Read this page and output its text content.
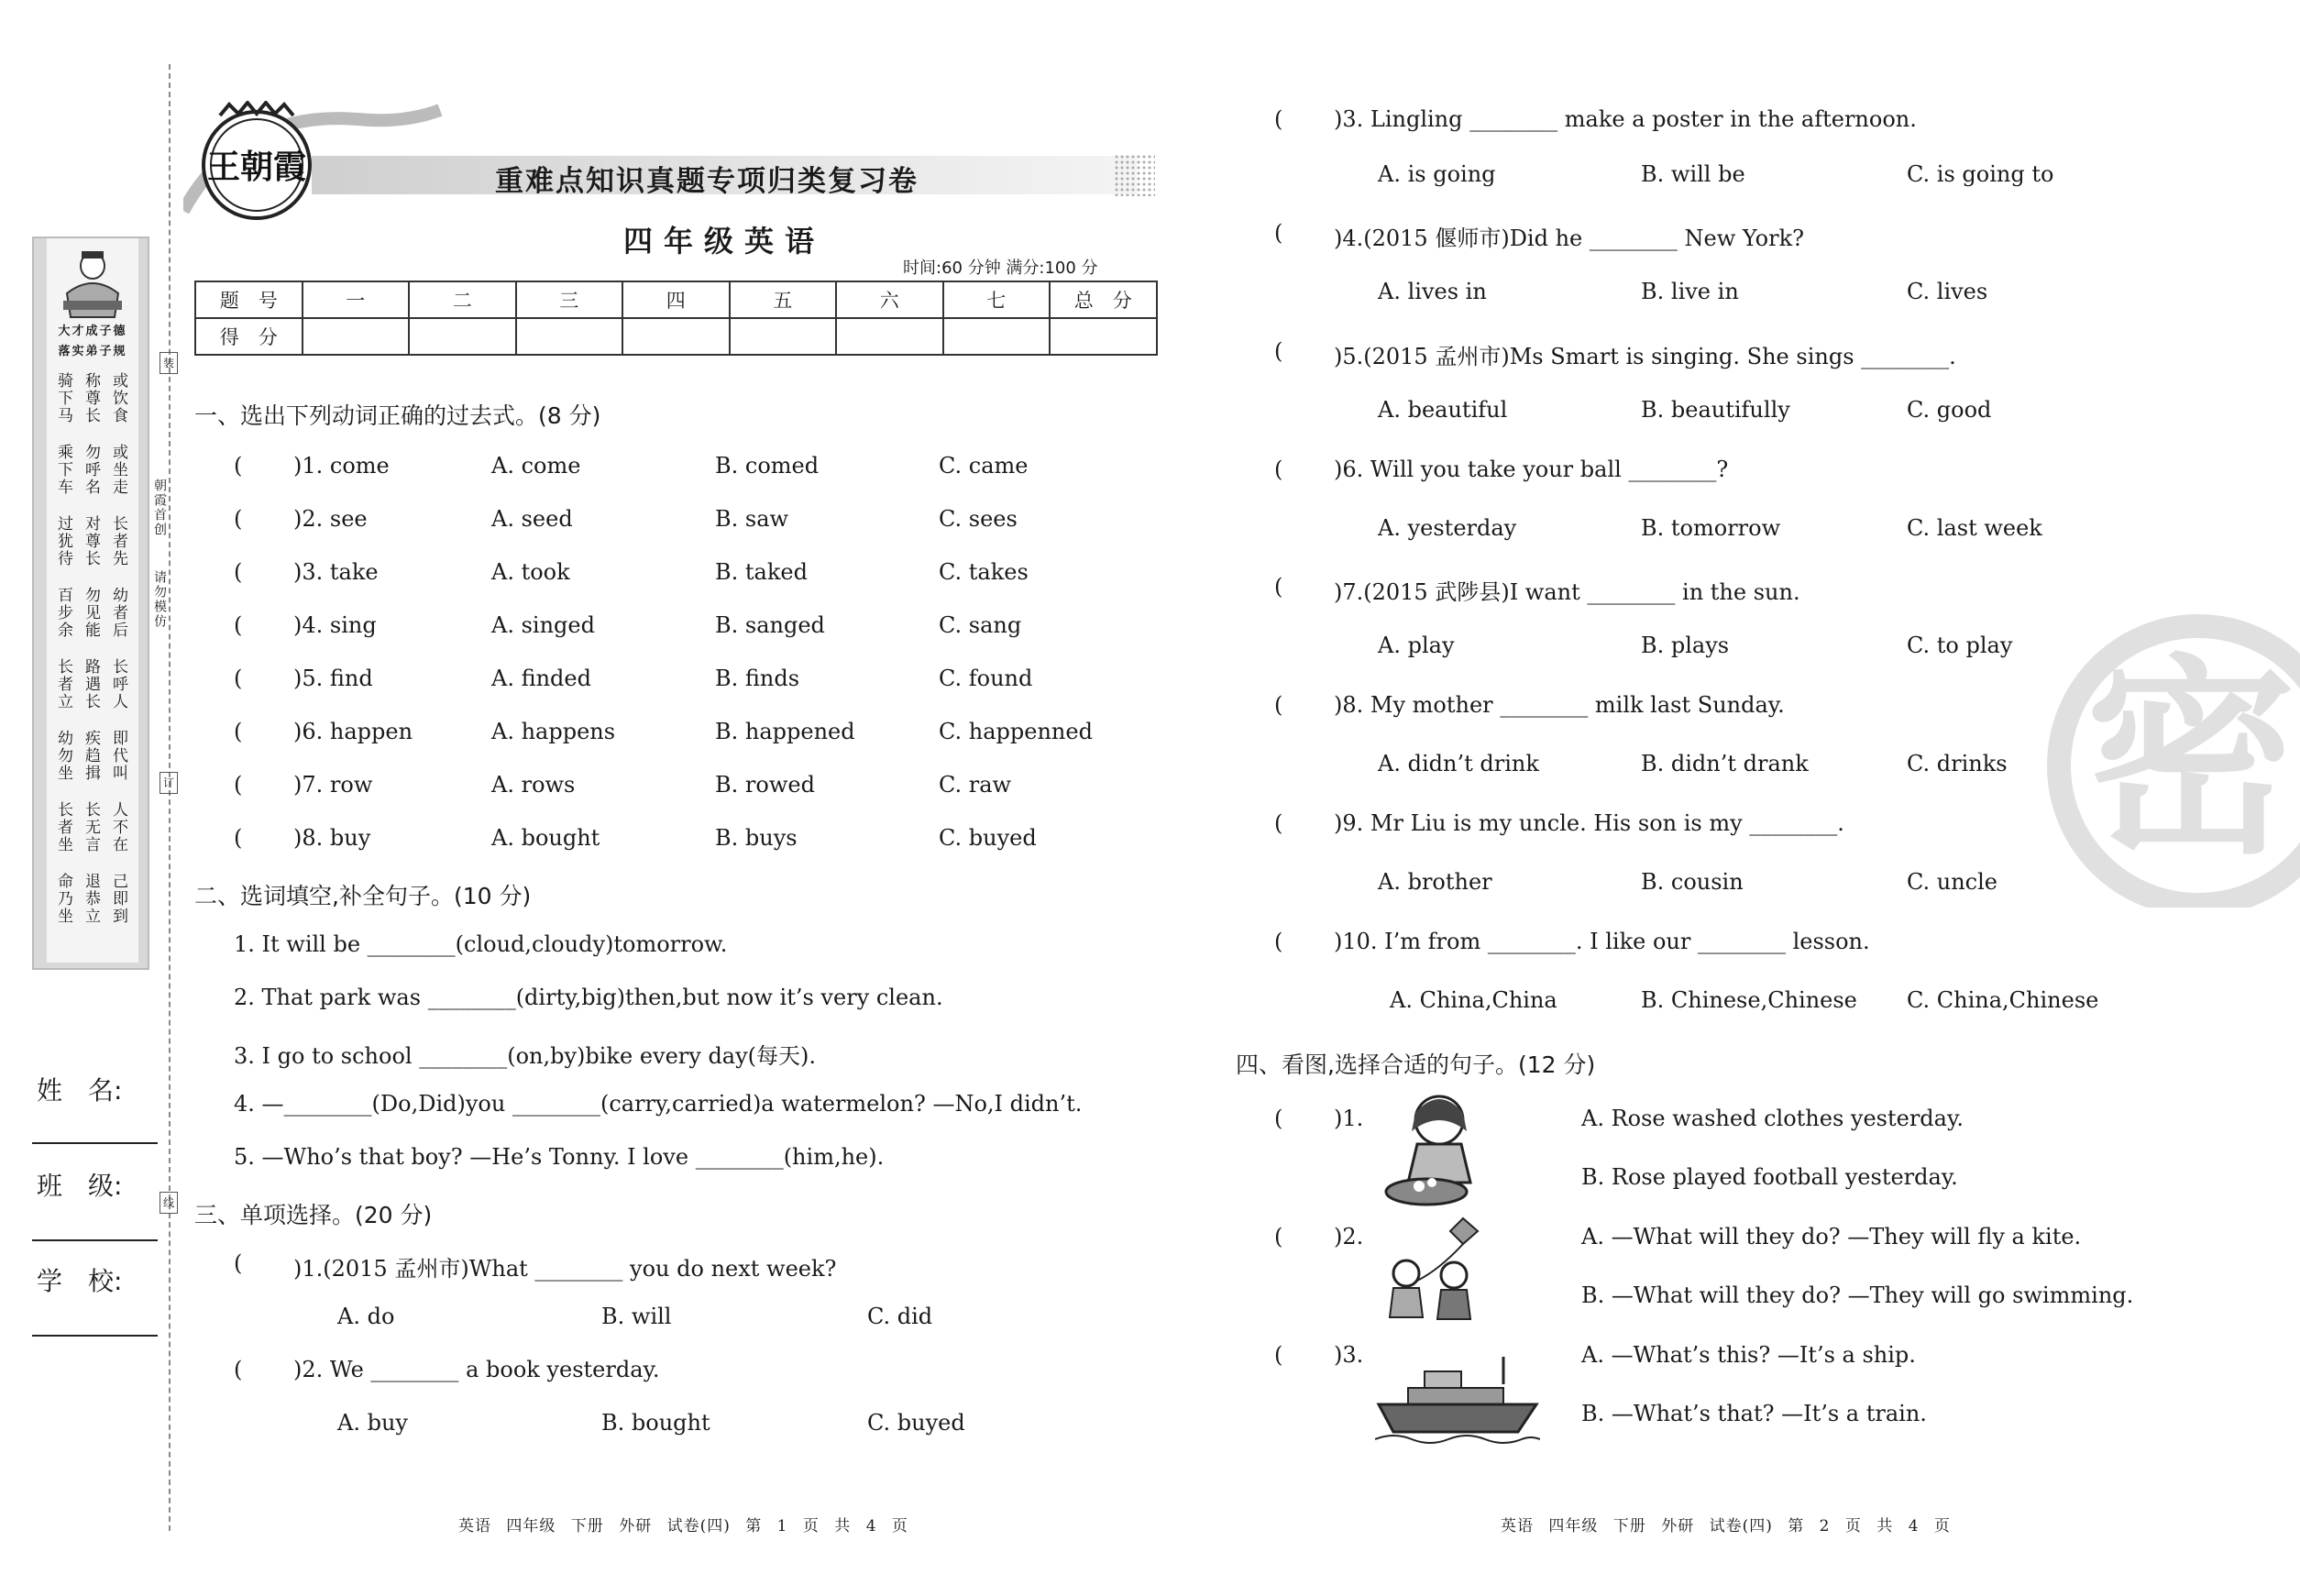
大才成子德
落实弟子规
骑下马 称尊长 或饮食
乘下车 勿呼名 或坐走
过犹待 对尊长 长者先
百步余 勿见能 幼者后
长者立 路遇长 长呼人
幼勿坐 疾趋揖 即代叫
长者坐 长无言 人不在
命乃坐 退恭立 己即到
装
订
线
朝霞首创
请勿模仿
姓　名:
班　级:
学　校:
王朝霞	重难点知识真题专项归类复习卷
四年级英语
时间:60 分钟 满分:100 分
题　号	一	二	三	四	五	六	七	总　分
得　分								
一、选出下列动词正确的过去式。(8 分)
( )1. come	A. come	B. comed	C. came
( )2. see	A. seed	B. saw	C. sees
( )3. take	A. took	B. taked	C. takes
( )4. sing	A. singed	B. sanged	C. sang
( )5. find	A. finded	B. finds	C. found
( )6. happen	A. happens	B. happened	C. happenned
( )7. row	A. rows	B. rowed	C. raw
( )8. buy	A. bought	B. buys	C. buyed
二、选词填空,补全句子。(10 分)
1. It will be ________(cloud,cloudy)tomorrow.
2. That park was ________(dirty,big)then,but now it’s very clean.
3. I go to school ________(on,by)bike every day(每天).
4. —________(Do,Did)you ________(carry,carried)a watermelon? —No,I didn’t.
5. —Who’s that boy? —He’s Tonny. I love ________(him,he).
三、单项选择。(20 分)
( )1.(2015 孟州市)What ________ you do next week?
A. do	B. will	C. did
( )2. We ________ a book yesterday.
A. buy	B. bought	C. buyed
英语 四年级 下册 外研 试卷(四) 第 1 页 共 4 页
密
( )3. Lingling ________ make a poster in the afternoon.
A. is going	B. will be	C. is going to
( )4.(2015 偃师市)Did he ________ New York?
A. lives in	B. live in	C. lives
( )5.(2015 孟州市)Ms Smart is singing. She sings ________.
A. beautiful	B. beautifully	C. good
( )6. Will you take your ball ________?
A. yesterday	B. tomorrow	C. last week
( )7.(2015 武陟县)I want ________ in the sun.
A. play	B. plays	C. to play
( )8. My mother ________ milk last Sunday.
A. didn’t drink	B. didn’t drank	C. drinks
( )9. Mr Liu is my uncle. His son is my ________.
A. brother	B. cousin	C. uncle
( )10. I’m from ________. I like our ________ lesson.
A. China,China	B. Chinese,Chinese C. China,Chinese
四、看图,选择合适的句子。(12 分)
( )1.	A. Rose washed clothes yesterday.
B. Rose played football yesterday.
( )2.	A. —What will they do? —They will fly a kite.
B. —What will they do? —They will go swimming.
( )3.	A. —What’s this? —It’s a ship.
B. —What’s that? —It’s a train.
英语 四年级 下册 外研 试卷(四) 第 2 页 共 4 页
